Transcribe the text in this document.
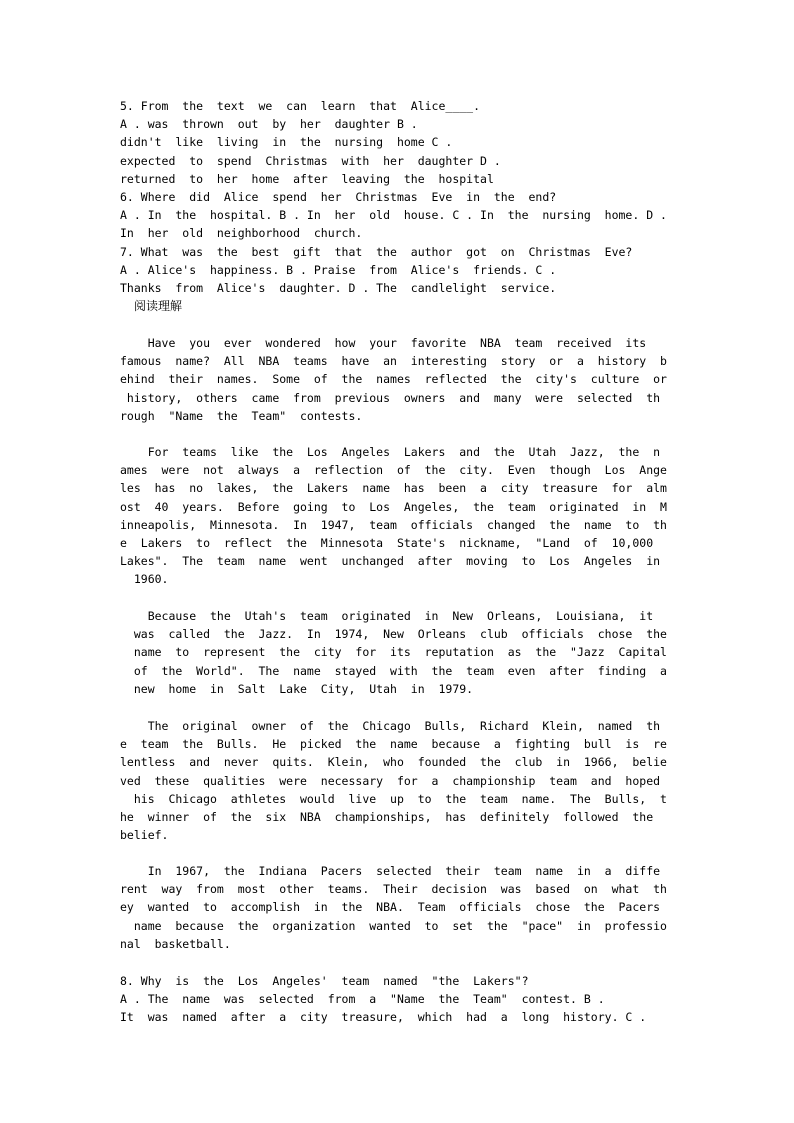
5. From  the  text  we  can  learn  that  Alice____.
A . was  thrown  out  by  her  daughter B .
didn't  like  living  in  the  nursing  home C .
expected  to  spend  Christmas  with  her  daughter D .
returned  to  her  home  after  leaving  the  hospital
6. Where  did  Alice  spend  her  Christmas  Eve  in  the  end?
A . In  the  hospital. B . In  her  old  house. C . In  the  nursing  home. D .
In  her  old  neighborhood  church.
7. What  was  the  best  gift  that  the  author  got  on  Christmas  Eve?
A . Alice's  happiness. B . Praise  from  Alice's  friends. C .
Thanks  from  Alice's  daughter. D . The  candlelight  service.
阅读理解
Have  you  ever  wondered  how  your  favorite  NBA  team  received  its
famous  name?  All  NBA  teams  have  an  interesting  story  or  a  history  b
ehind  their  names.  Some  of  the  names  reflected  the  city's  culture  or
history,  others  came  from  previous  owners  and  many  were  selected  th
rough  "Name  the  Team"  contests.
For  teams  like  the  Los  Angeles  Lakers  and  the  Utah  Jazz,  the  n
ames  were  not  always  a  reflection  of  the  city.  Even  though  Los  Ange
les  has  no  lakes,  the  Lakers  name  has  been  a  city  treasure  for  alm
ost  40  years.  Before  going  to  Los  Angeles,  the  team  originated  in  M
inneapolis,  Minnesota.  In  1947,  team  officials  changed  the  name  to  th
e  Lakers  to  reflect  the  Minnesota  State's  nickname,  "Land  of  10,000
Lakes".  The  team  name  went  unchanged  after  moving  to  Los  Angeles  in
1960.
Because  the  Utah's  team  originated  in  New  Orleans,  Louisiana,  it
was  called  the  Jazz.  In  1974,  New  Orleans  club  officials  chose  the
name  to  represent  the  city  for  its  reputation  as  the  "Jazz  Capital
of  the  World".  The  name  stayed  with  the  team  even  after  finding  a
new  home  in  Salt  Lake  City,  Utah  in  1979.
The  original  owner  of  the  Chicago  Bulls,  Richard  Klein,  named  th
e  team  the  Bulls.  He  picked  the  name  because  a  fighting  bull  is  re
lentless  and  never  quits.  Klein,  who  founded  the  club  in  1966,  belie
ved  these  qualities  were  necessary  for  a  championship  team  and  hoped
his  Chicago  athletes  would  live  up  to  the  team  name.  The  Bulls,  t
he  winner  of  the  six  NBA  championships,  has  definitely  followed  the
belief.
In  1967,  the  Indiana  Pacers  selected  their  team  name  in  a  diffe
rent  way  from  most  other  teams.  Their  decision  was  based  on  what  th
ey  wanted  to  accomplish  in  the  NBA.  Team  officials  chose  the  Pacers
name  because  the  organization  wanted  to  set  the  "pace"  in  professio
nal  basketball.
8. Why  is  the  Los  Angeles'  team  named  "the  Lakers"?
A . The  name  was  selected  from  a  "Name  the  Team"  contest. B .
It  was  named  after  a  city  treasure,  which  had  a  long  history. C .
